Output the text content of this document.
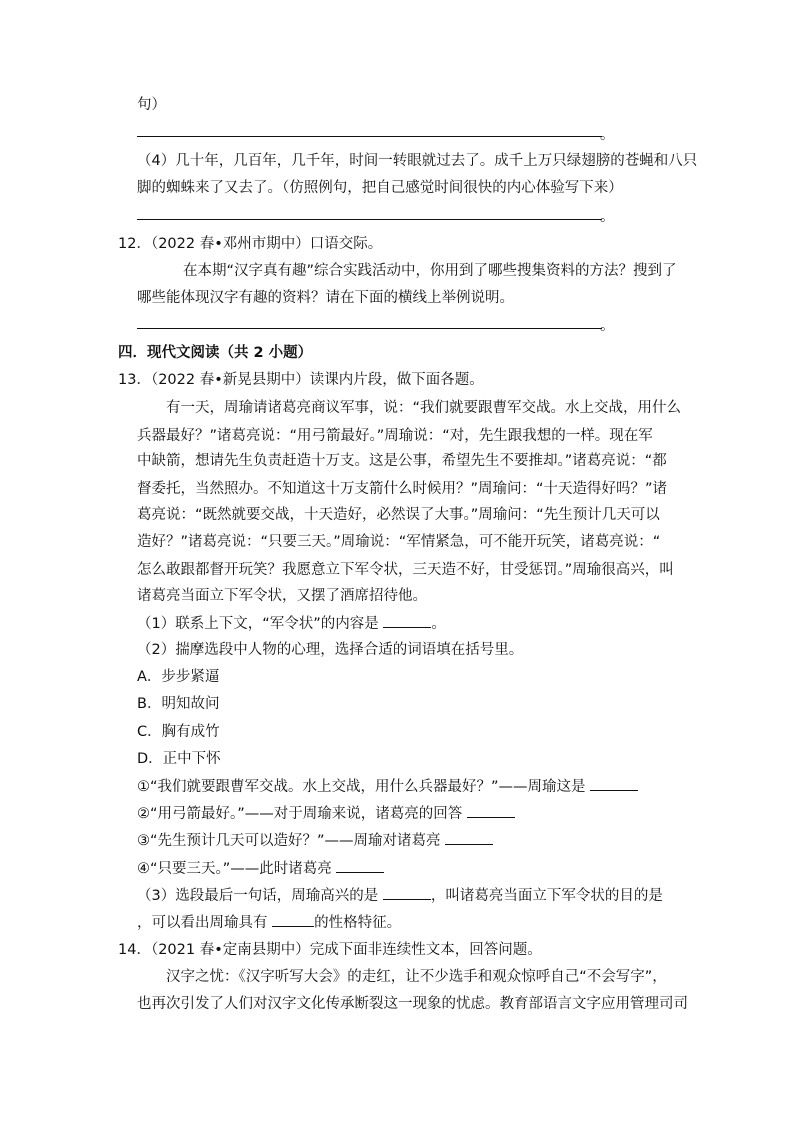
句）
。
（4）几十年，几百年，几千年，时间一转眼就过去了。成千上万只绿翅膀的苍蝇和八只
脚的蜘蛛来了又去了。（仿照例句，把自己感觉时间很快的内心体验写下来）
。
12．（2022 春•邓州市期中）口语交际。
在本期“汉字真有趣”综合实践活动中，你用到了哪些搜集资料的方法？搜到了
哪些能体现汉字有趣的资料？请在下面的横线上举例说明。
。
四．现代文阅读（共 2 小题）
13．（2022 春•新晃县期中）读课内片段，做下面各题。
有一天，周瑜请诸葛亮商议军事，说：“我们就要跟曹军交战。水上交战，用什么
兵器最好？”诸葛亮说：“用弓箭最好。”周瑜说：“对，先生跟我想的一样。现在军
中缺箭，想请先生负责赶造十万支。这是公事，希望先生不要推却。”诸葛亮说：“都
督委托，当然照办。不知道这十万支箭什么时候用？”周瑜问：“十天造得好吗？”诸
葛亮说：“既然就要交战，十天造好，必然误了大事。”周瑜问：“先生预计几天可以
造好？”诸葛亮说：“只要三天。”周瑜说：“军情紧急，可不能开玩笑，诸葛亮说：“
怎么敢跟都督开玩笑？我愿意立下军令状，三天造不好，甘受惩罚。”周瑜很高兴，叫
诸葛亮当面立下军令状，又摆了酒席招待他。
（1）联系上下文，“军令状”的内容是	。
（2）揣摩选段中人物的心理，选择合适的词语填在括号里。
A．步步紧逼
B．明知故问
C．胸有成竹
D．正中下怀
①“我们就要跟曹军交战。水上交战，用什么兵器最好？”——周瑜这是
②“用弓箭最好。”——对于周瑜来说，诸葛亮的回答
③“先生预计几天可以造好？”——周瑜对诸葛亮
④“只要三天。”——此时诸葛亮
（3）选段最后一句话，周瑜高兴的是	，叫诸葛亮当面立下军令状的目的是
，可以看出周瑜具有	的性格特征。
14．（2021 春•定南县期中）完成下面非连续性文本，回答问题。
汉字之忧：《汉字听写大会》的走红，让不少选手和观众惊呼自己“不会写字”，
也再次引发了人们对汉字文化传承断裂这一现象的忧虑。教育部语言文字应用管理司司
